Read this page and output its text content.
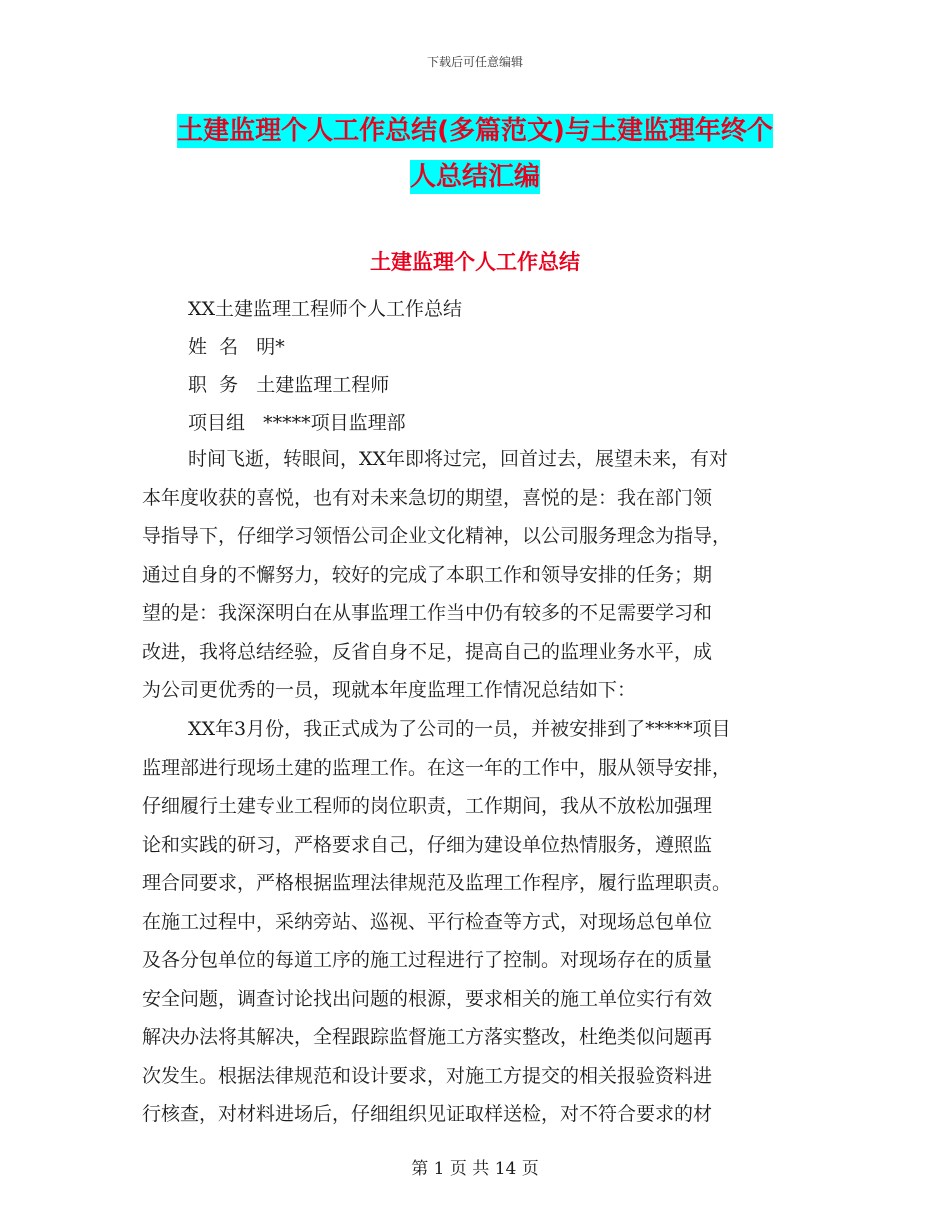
下载后可任意编辑
土建监理个人工作总结(多篇范文)与土建监理年终个
人总结汇编
土建监理个人工作总结
XX土建监理工程师个人工作总结
姓  名   明*
职  务   土建监理工程师
项目组   *****项目监理部
时间飞逝，转眼间，XX年即将过完，回首过去，展望未来，有对
本年度收获的喜悦，也有对未来急切的期望，喜悦的是：我在部门领
导指导下，仔细学习领悟公司企业文化精神，以公司服务理念为指导，
通过自身的不懈努力，较好的完成了本职工作和领导安排的任务；期
望的是：我深深明白在从事监理工作当中仍有较多的不足需要学习和
改进，我将总结经验，反省自身不足，提高自己的监理业务水平，成
为公司更优秀的一员，现就本年度监理工作情况总结如下：
XX年3月份，我正式成为了公司的一员，并被安排到了*****项目
监理部进行现场土建的监理工作。在这一年的工作中，服从领导安排，
仔细履行土建专业工程师的岗位职责，工作期间，我从不放松加强理
论和实践的研习，严格要求自己，仔细为建设单位热情服务，遵照监
理合同要求，严格根据监理法律规范及监理工作程序，履行监理职责。
在施工过程中，采纳旁站、巡视、平行检查等方式，对现场总包单位
及各分包单位的每道工序的施工过程进行了控制。对现场存在的质量
安全问题，调查讨论找出问题的根源，要求相关的施工单位实行有效
解决办法将其解决，全程跟踪监督施工方落实整改，杜绝类似问题再
次发生。根据法律规范和设计要求，对施工方提交的相关报验资料进
行核查，对材料进场后，仔细组织见证取样送检，对不符合要求的材
第 1 页 共 14 页
